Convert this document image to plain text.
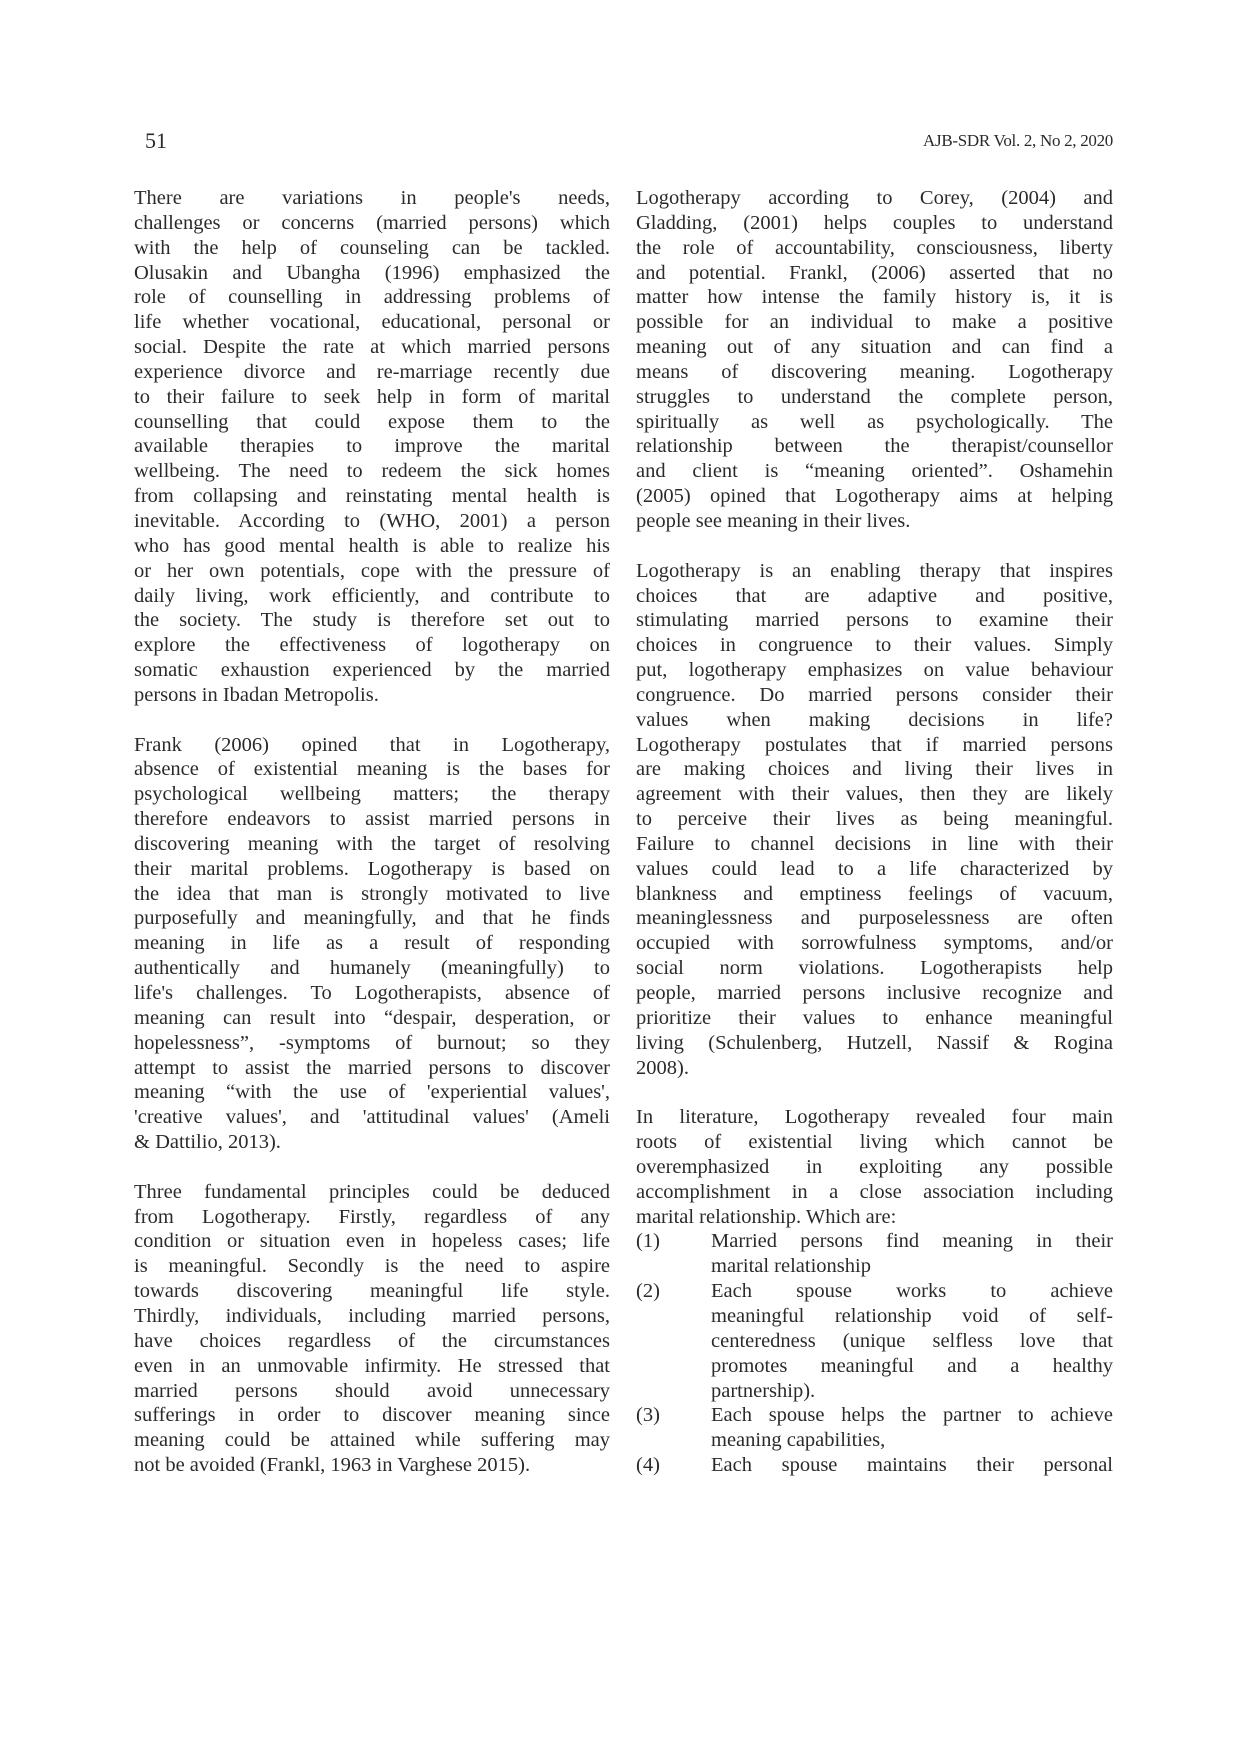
51	AJB-SDR Vol. 2, No 2, 2020
There are variations in people's needs,
challenges or concerns (married persons) which
with the help of counseling can be tackled.
Olusakin and Ubangha (1996) emphasized the
role of counselling in addressing problems of
life whether vocational, educational, personal or
social. Despite the rate at which married persons
experience divorce and re-marriage recently due
to their failure to seek help in form of marital
counselling that could expose them to the
available therapies to improve the marital
wellbeing. The need to redeem the sick homes
from collapsing and reinstating mental health is
inevitable. According to (WHO, 2001) a person
who has good mental health is able to realize his
or her own potentials, cope with the pressure of
daily living, work efficiently, and contribute to
the society. The study is therefore set out to
explore the effectiveness of logotherapy on
somatic exhaustion experienced by the married
persons in Ibadan Metropolis.
Frank (2006) opined that in Logotherapy,
absence of existential meaning is the bases for
psychological wellbeing matters; the therapy
therefore endeavors to assist married persons in
discovering meaning with the target of resolving
their marital problems. Logotherapy is based on
the idea that man is strongly motivated to live
purposefully and meaningfully, and that he finds
meaning in life as a result of responding
authentically and humanely (meaningfully) to
life's challenges. To Logotherapists, absence of
meaning can result into “despair, desperation, or
hopelessness”, -symptoms of burnout; so they
attempt to assist the married persons to discover
meaning “with the use of 'experiential values',
'creative values', and 'attitudinal values' (Ameli
& Dattilio, 2013).
Three fundamental principles could be deduced
from Logotherapy. Firstly, regardless of any
condition or situation even in hopeless cases; life
is meaningful. Secondly is the need to aspire
towards discovering meaningful life style.
Thirdly, individuals, including married persons,
have choices regardless of the circumstances
even in an unmovable infirmity. He stressed that
married persons should avoid unnecessary
sufferings in order to discover meaning since
meaning could be attained while suffering may
not be avoided (Frankl, 1963 in Varghese 2015).
Logotherapy according to Corey, (2004) and
Gladding, (2001) helps couples to understand
the role of accountability, consciousness, liberty
and potential. Frankl, (2006) asserted that no
matter how intense the family history is, it is
possible for an individual to make a positive
meaning out of any situation and can find a
means of discovering meaning. Logotherapy
struggles to understand the complete person,
spiritually as well as psychologically. The
relationship between the therapist/counsellor
and client is “meaning oriented”. Oshamehin
(2005) opined that Logotherapy aims at helping
people see meaning in their lives.
Logotherapy is an enabling therapy that inspires
choices that are adaptive and positive,
stimulating married persons to examine their
choices in congruence to their values. Simply
put, logotherapy emphasizes on value behaviour
congruence. Do married persons consider their
values when making decisions in life?
Logotherapy postulates that if married persons
are making choices and living their lives in
agreement with their values, then they are likely
to perceive their lives as being meaningful.
Failure to channel decisions in line with their
values could lead to a life characterized by
blankness and emptiness feelings of vacuum,
meaninglessness and purposelessness are often
occupied with sorrowfulness symptoms, and/or
social norm violations. Logotherapists help
people, married persons inclusive recognize and
prioritize their values to enhance meaningful
living (Schulenberg, Hutzell, Nassif & Rogina
2008).
In literature, Logotherapy revealed four main
roots of existential living which cannot be
overemphasized in exploiting any possible
accomplishment in a close association including
marital relationship. Which are:
(1) Married persons find meaning in their
marital relationship
(2) Each spouse works to achieve
meaningful relationship void of self-
centeredness (unique selfless love that
promotes meaningful and a healthy
partnership).
(3) Each spouse helps the partner to achieve
meaning capabilities,
(4) Each spouse maintains their personal
